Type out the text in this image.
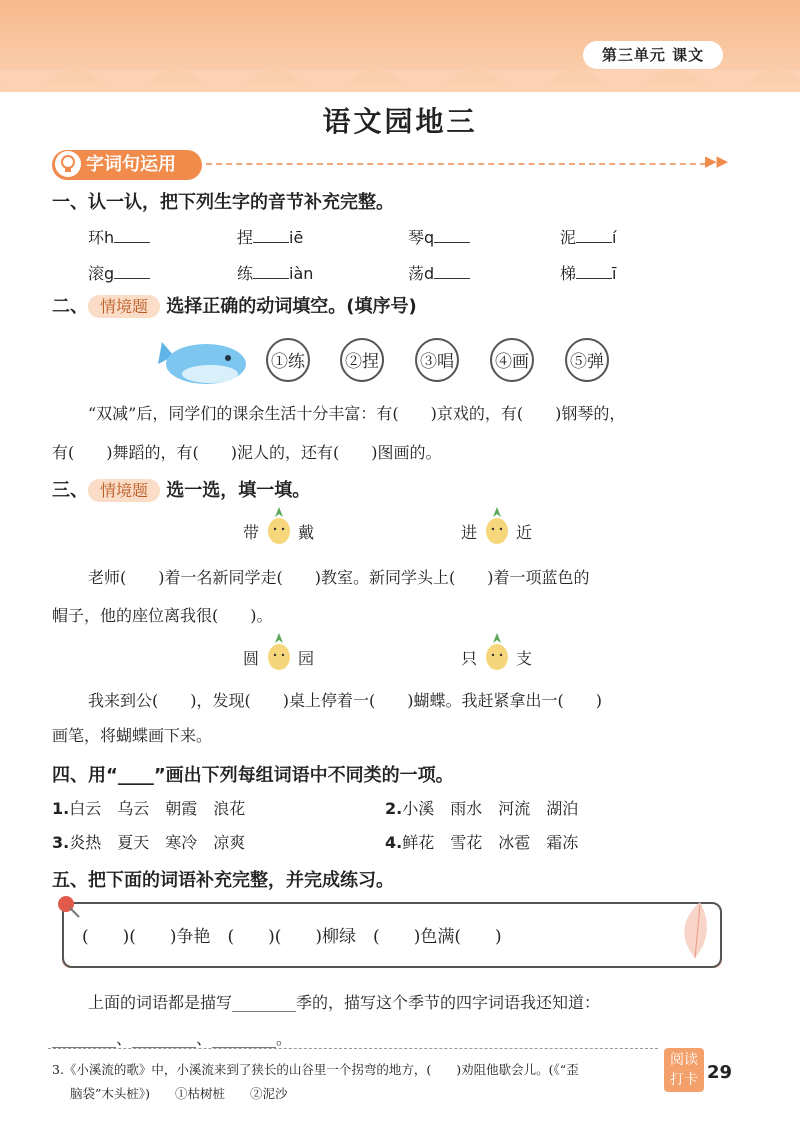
第三单元 课文
语文园地三
字词句运用	▶▶
一、认一认，把下列生字的音节补充完整。
环h	捏 iē	琴q	泥 í
滚g	练 iàn	荡d	梯 ī
二、 情境题 选择正确的动词填空。(填序号)
①练 ②捏 ③唱 ④画 ⑤弹
“双减”后，同学们的课余生活十分丰富：有(　　)京戏的，有(　　)钢琴的，
有(　　)舞蹈的，有(　　)泥人的，还有(　　)图画的。
三、 情境题 选一选，填一填。
带 戴	进 近
老师(　　)着一名新同学走(　　)教室。新同学头上(　　)着一项蓝色的
帽子，他的座位离我很(　　)。
圆 园	只 支
我来到公(　　)，发现(　　)桌上停着一(　　)蝴蝶。我赶紧拿出一(　　)
画笔，将蝴蝶画下来。
四、用“____”画出下列每组词语中不同类的一项。
1.白云　乌云　朝霞　浪花	2.小溪　雨水　河流　湖泊
3.炎热　夏天　寒冷　凉爽	4.鲜花　雪花　冰雹　霜冻
五、把下面的词语补充完整，并完成练习。
(　　)(　　)争艳　(　　)(　　)柳绿　(　　)色满(　　)
上面的词语都是描写________季的，描写这个季节的四字词语我还知道：
________、________、________。
3.《小溪流的歌》中，小溪流来到了狭长的山谷里一个拐弯的地方，(　　)劝阻他歇会儿。(《“歪
脑袋”木头桩》)　　①枯树桩　　②泥沙
阅读打卡 29
